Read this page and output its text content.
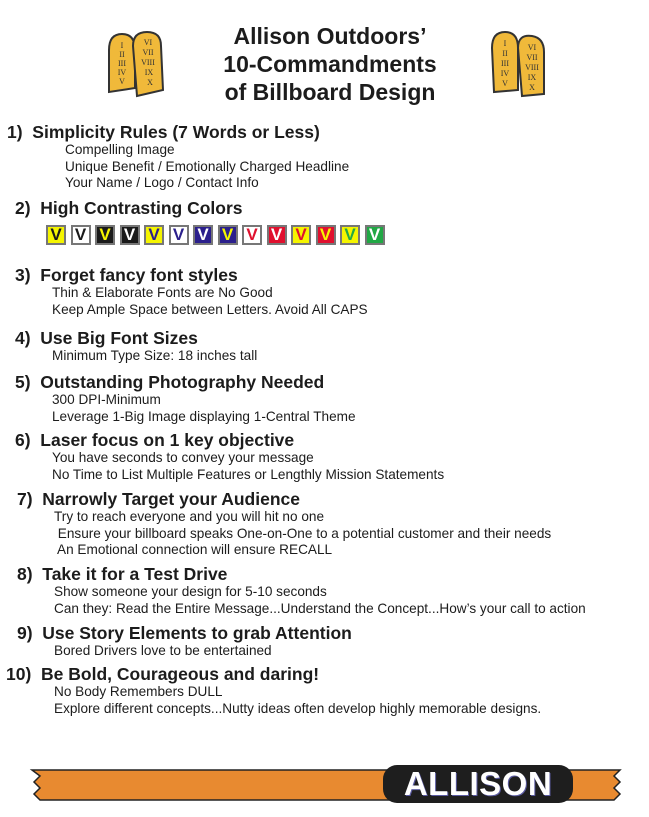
I
II
III
IV
V
VI
VII
VIII
IX
X
Allison Outdoors’
10-Commandments
of Billboard Design
I
II
III
IV
V
VI
VII
VIII
IX
X
1) Simplicity Rules (7 Words or Less)
Compelling Image
Unique Benefit / Emotionally Charged Headline
Your Name / Logo / Contact Info
2) High Contrasting Colors
V V V V V V V V V V V V V V
3) Forget fancy font styles
Thin & Elaborate Fonts are No Good
Keep Ample Space between Letters. Avoid All CAPS
4) Use Big Font Sizes
Minimum Type Size: 18 inches tall
5) Outstanding Photography Needed
300 DPI-Minimum
Leverage 1-Big Image displaying 1-Central Theme
6) Laser focus on 1 key objective
You have seconds to convey your message
No Time to List Multiple Features or Lengthly Mission Statements
7) Narrowly Target your Audience
Try to reach everyone and you will hit no one
Ensure your billboard speaks One-on-One to a potential customer and their needs
An Emotional connection will ensure RECALL
8) Take it for a Test Drive
Show someone your design for 5-10 seconds
Can they: Read the Entire Message...Understand the Concept...How’s your call to action
9) Use Story Elements to grab Attention
Bored Drivers love to be entertained
10) Be Bold, Courageous and daring!
No Body Remembers DULL
Explore different concepts...Nutty ideas often develop highly memorable designs.
ALLISON
